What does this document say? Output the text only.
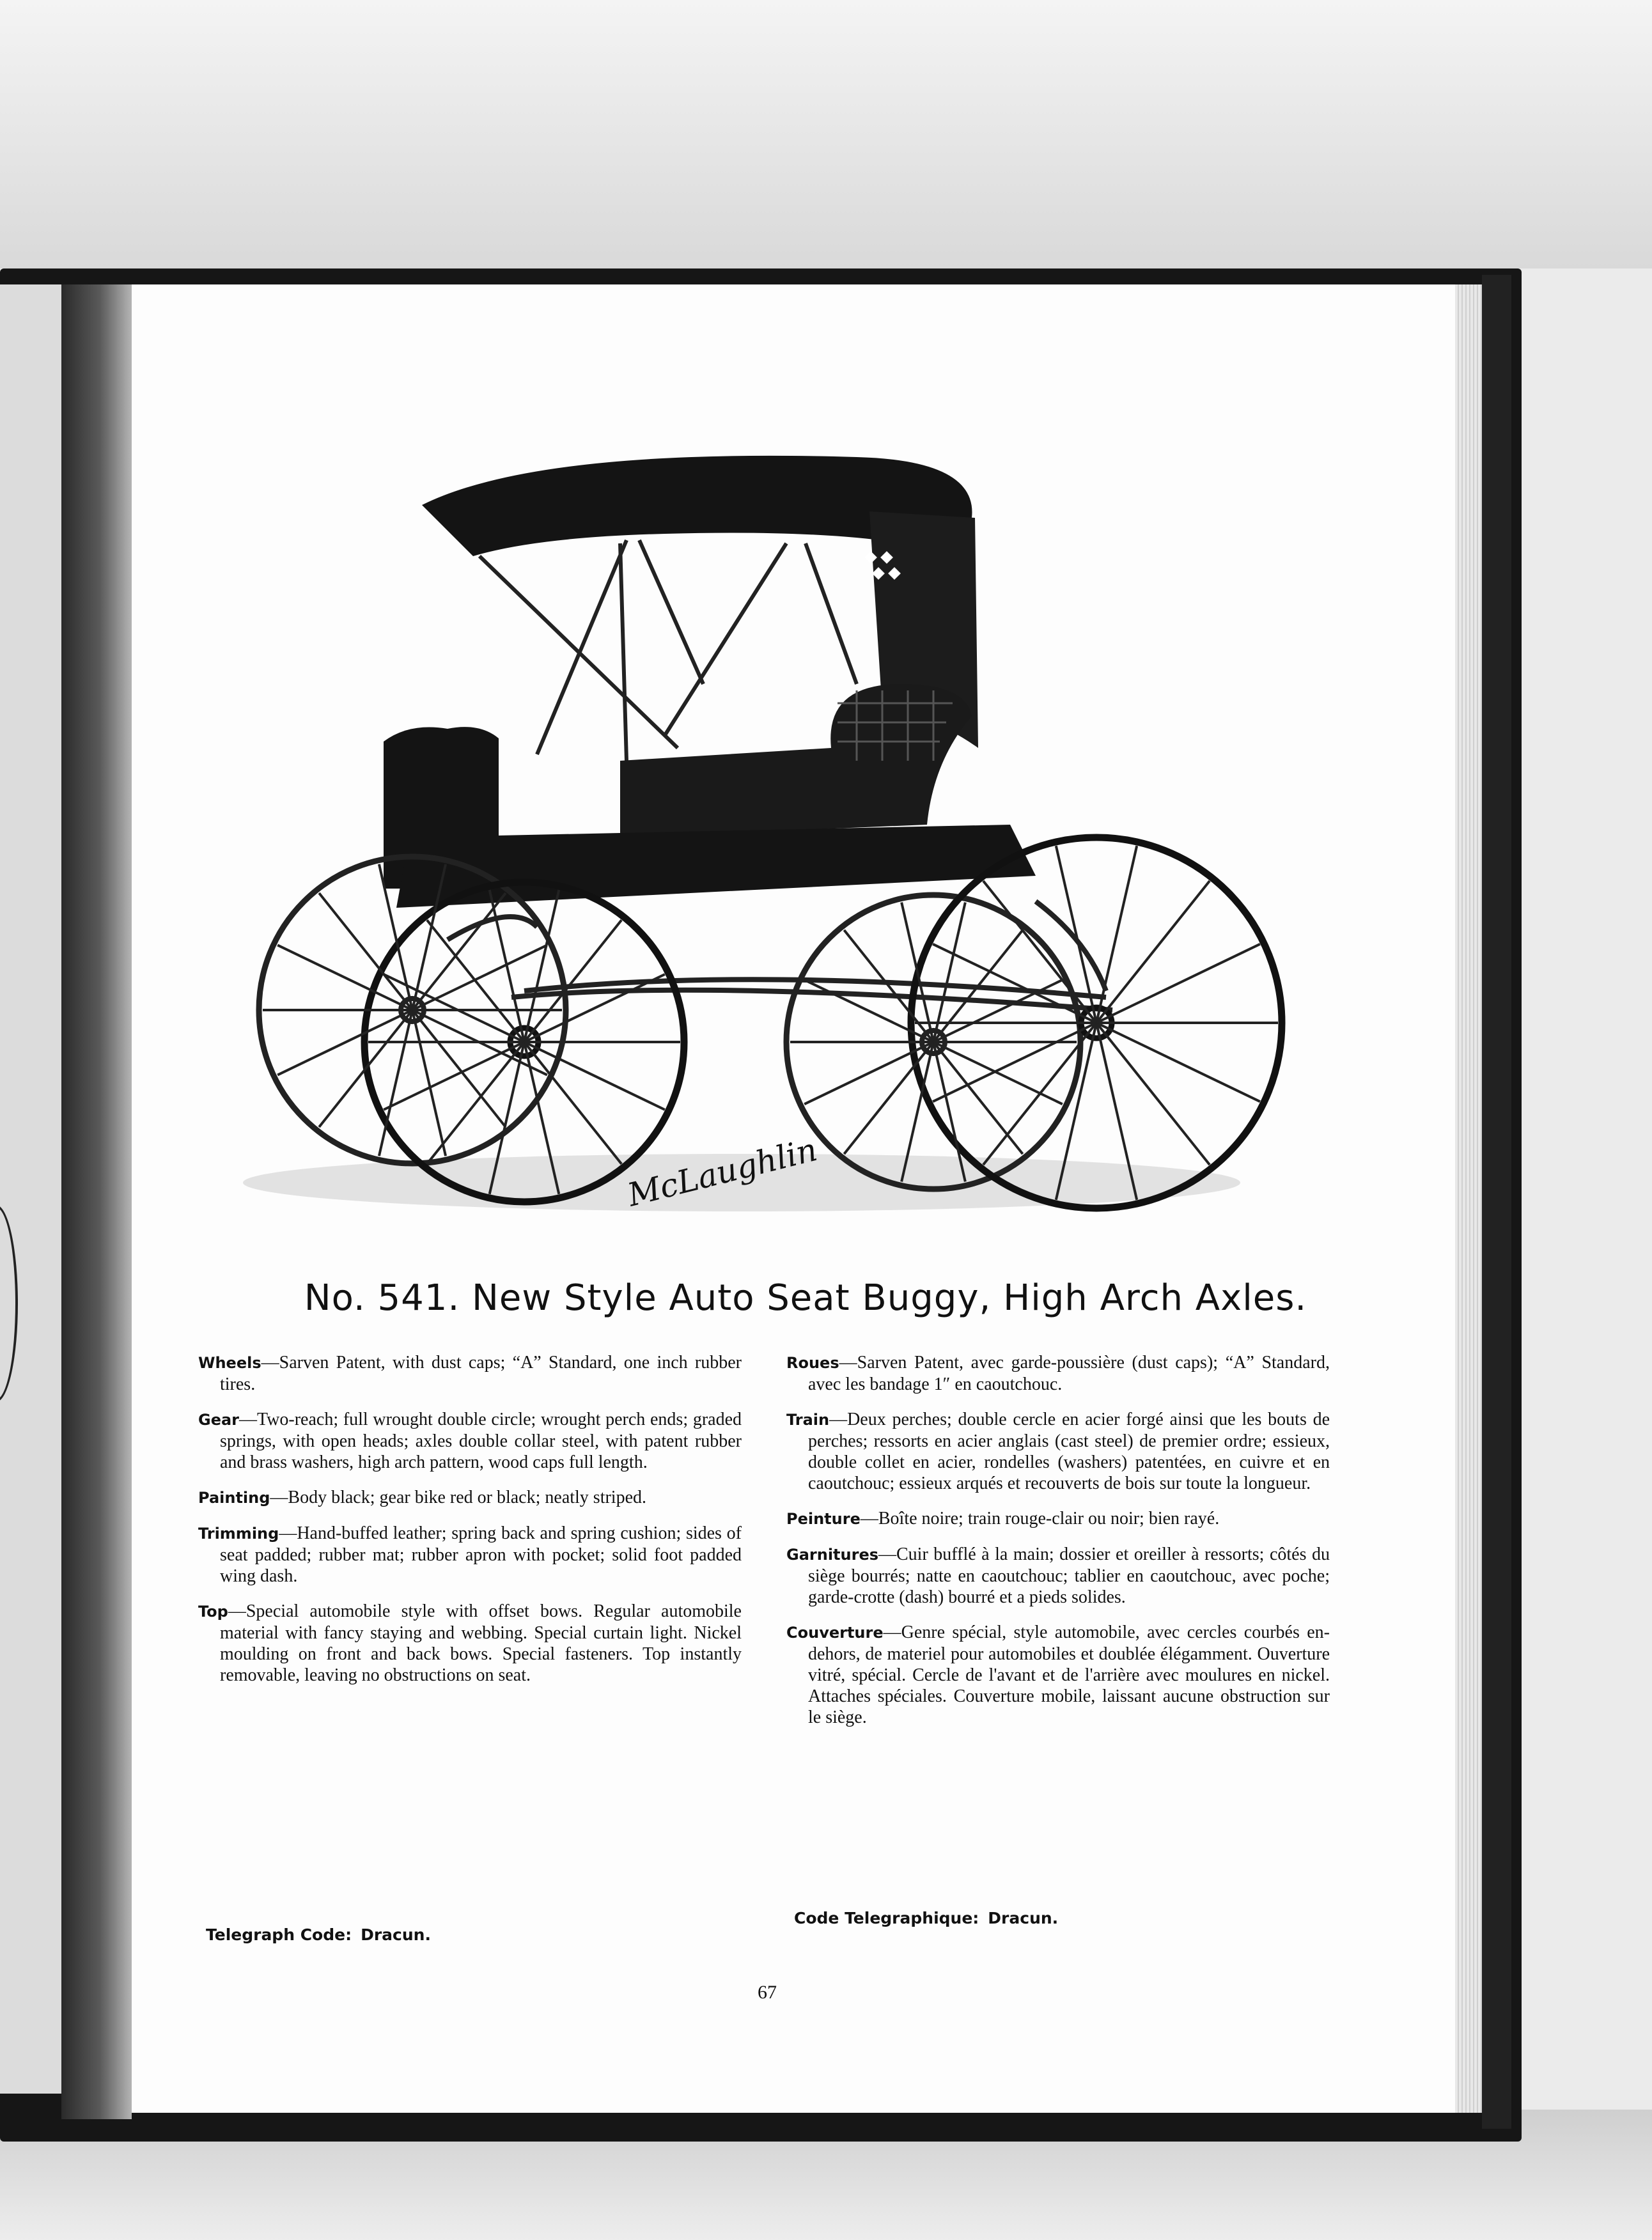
McLaughlin
No. 541. New Style Auto Seat Buggy, High Arch Axles.

Wheels—Sarven Patent, with dust caps; “A” Standard, one inch rubber tires.

Gear—Two-reach; full wrought double circle; wrought perch ends; graded springs, with open heads; axles double collar steel, with patent rubber and brass washers, high arch pattern, wood caps full length.

Painting—Body black; gear bike red or black; neatly striped.

Trimming—Hand-buffed leather; spring back and spring cushion; sides of seat padded; rubber mat; rubber apron with pocket; solid foot padded wing dash.

Top—Special automobile style with offset bows. Regular automobile material with fancy staying and webbing. Special curtain light. Nickel moulding on front and back bows. Special fasteners. Top instantly removable, leaving no obstructions on seat.

Roues—Sarven Patent, avec garde-poussière (dust caps); “A” Standard, avec les bandage 1″ en caoutchouc.

Train—Deux perches; double cercle en acier forgé ainsi que les bouts de perches; ressorts en acier anglais (cast steel) de premier ordre; essieux, double collet en acier, rondelles (washers) patentées, en cuivre et en caoutchouc; essieux arqués et recouverts de bois sur toute la longueur.

Peinture—Boîte noire; train rouge-clair ou noir; bien rayé.

Garnitures—Cuir bufflé à la main; dossier et oreiller à ressorts; côtés du siège bourrés; natte en caoutchouc; tablier en caoutchouc, avec poche; garde-crotte (dash) bourré et a pieds solides.

Couverture—Genre spécial, style automobile, avec cercles courbés en-dehors, de materiel pour automobiles et doublée élégamment. Ouverture vitré, spécial. Cercle de l'avant et de l'arrière avec moulures en nickel. Attaches spéciales. Couverture mobile, laissant aucune obstruction sur le siège.

Telegraph Code: Dracun.
Code Telegraphique: Dracun.
67
